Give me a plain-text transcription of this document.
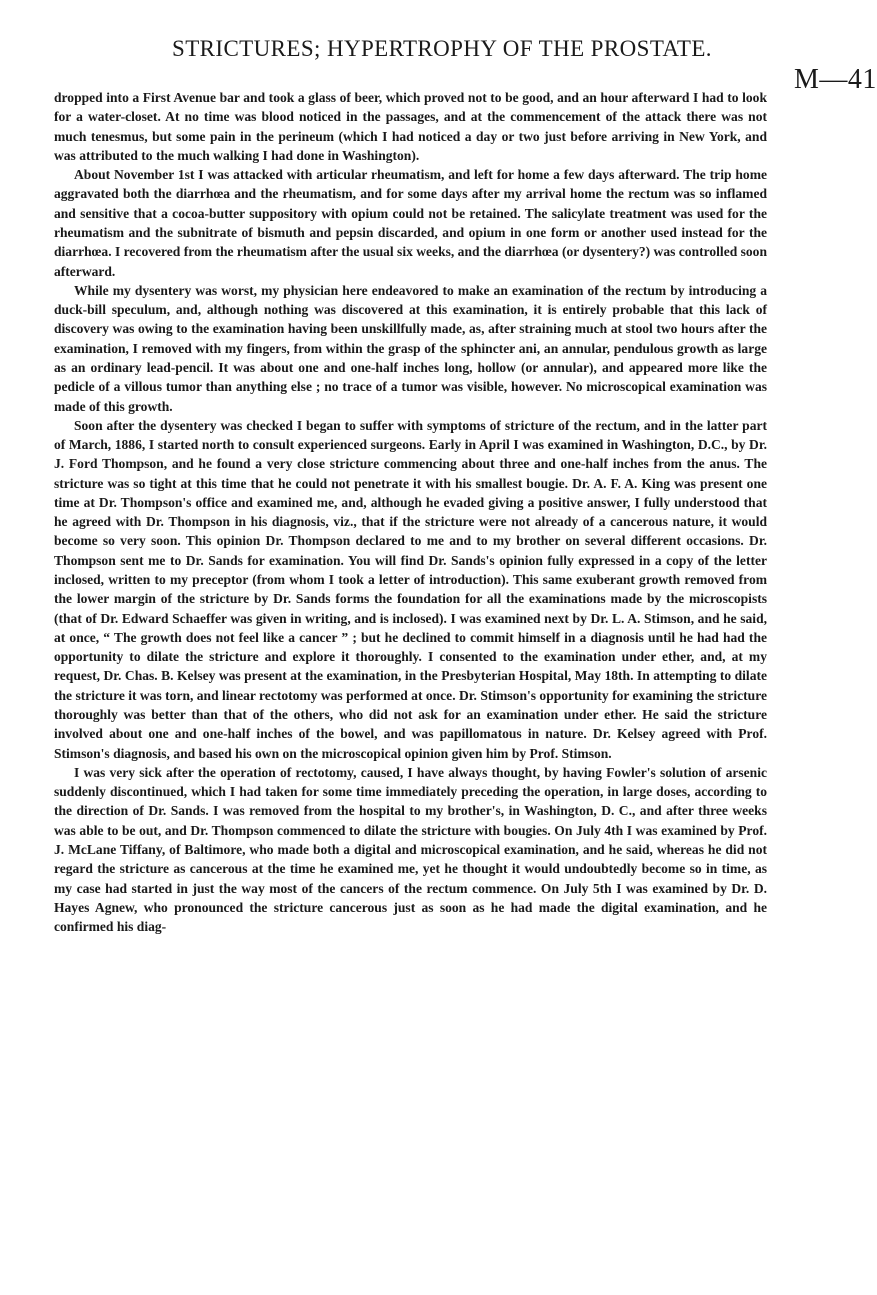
STRICTURES; HYPERTROPHY OF THE PROSTATE.
M—41

dropped into a First Avenue bar and took a glass of beer, which proved not to be good, and an hour afterward I had to look for a water-closet. At no time was blood noticed in the passages, and at the commencement of the attack there was not much tenesmus, but some pain in the perineum (which I had noticed a day or two just before arriving in New York, and was attributed to the much walking I had done in Washington).

About November 1st I was attacked with articular rheumatism, and left for home a few days afterward. The trip home aggravated both the diarrhœa and the rheumatism, and for some days after my arrival home the rectum was so inflamed and sensitive that a cocoa-butter suppository with opium could not be retained. The salicylate treatment was used for the rheumatism and the subnitrate of bismuth and pepsin discarded, and opium in one form or another used instead for the diarrhœa. I recovered from the rheumatism after the usual six weeks, and the diarrhœa (or dysentery?) was controlled soon afterward.

While my dysentery was worst, my physician here endeavored to make an examination of the rectum by introducing a duck-bill speculum, and, although nothing was discovered at this examination, it is entirely probable that this lack of discovery was owing to the examination having been unskillfully made, as, after straining much at stool two hours after the examination, I removed with my fingers, from within the grasp of the sphincter ani, an annular, pendulous growth as large as an ordinary lead-pencil. It was about one and one-half inches long, hollow (or annular), and appeared more like the pedicle of a villous tumor than anything else ; no trace of a tumor was visible, however. No microscopical examination was made of this growth.

Soon after the dysentery was checked I began to suffer with symptoms of stricture of the rectum, and in the latter part of March, 1886, I started north to consult experienced surgeons. Early in April I was examined in Washington, D.C., by Dr. J. Ford Thompson, and he found a very close stricture commencing about three and one-half inches from the anus. The stricture was so tight at this time that he could not penetrate it with his smallest bougie. Dr. A. F. A. King was present one time at Dr. Thompson's office and examined me, and, although he evaded giving a positive answer, I fully understood that he agreed with Dr. Thompson in his diagnosis, viz., that if the stricture were not already of a cancerous nature, it would become so very soon. This opinion Dr. Thompson declared to me and to my brother on several different occasions. Dr. Thompson sent me to Dr. Sands for examination. You will find Dr. Sands's opinion fully expressed in a copy of the letter inclosed, written to my preceptor (from whom I took a letter of introduction). This same exuberant growth removed from the lower margin of the stricture by Dr. Sands forms the foundation for all the examinations made by the microscopists (that of Dr. Edward Schaeffer was given in writing, and is inclosed). I was examined next by Dr. L. A. Stimson, and he said, at once, “ The growth does not feel like a cancer ” ; but he declined to commit himself in a diagnosis until he had had the opportunity to dilate the stricture and explore it thoroughly. I consented to the examination under ether, and, at my request, Dr. Chas. B. Kelsey was present at the examination, in the Presbyterian Hospital, May 18th. In attempting to dilate the stricture it was torn, and linear rectotomy was performed at once. Dr. Stimson's opportunity for examining the stricture thoroughly was better than that of the others, who did not ask for an examination under ether. He said the stricture involved about one and one-half inches of the bowel, and was papillomatous in nature. Dr. Kelsey agreed with Prof. Stimson's diagnosis, and based his own on the microscopical opinion given him by Prof. Stimson.

I was very sick after the operation of rectotomy, caused, I have always thought, by having Fowler's solution of arsenic suddenly discontinued, which I had taken for some time immediately preceding the operation, in large doses, according to the direction of Dr. Sands. I was removed from the hospital to my brother's, in Washington, D. C., and after three weeks was able to be out, and Dr. Thompson commenced to dilate the stricture with bougies. On July 4th I was examined by Prof. J. McLane Tiffany, of Baltimore, who made both a digital and microscopical examination, and he said, whereas he did not regard the stricture as cancerous at the time he examined me, yet he thought it would undoubtedly become so in time, as my case had started in just the way most of the cancers of the rectum commence. On July 5th I was examined by Dr. D. Hayes Agnew, who pronounced the stricture cancerous just as soon as he had made the digital examination, and he confirmed his diag-
